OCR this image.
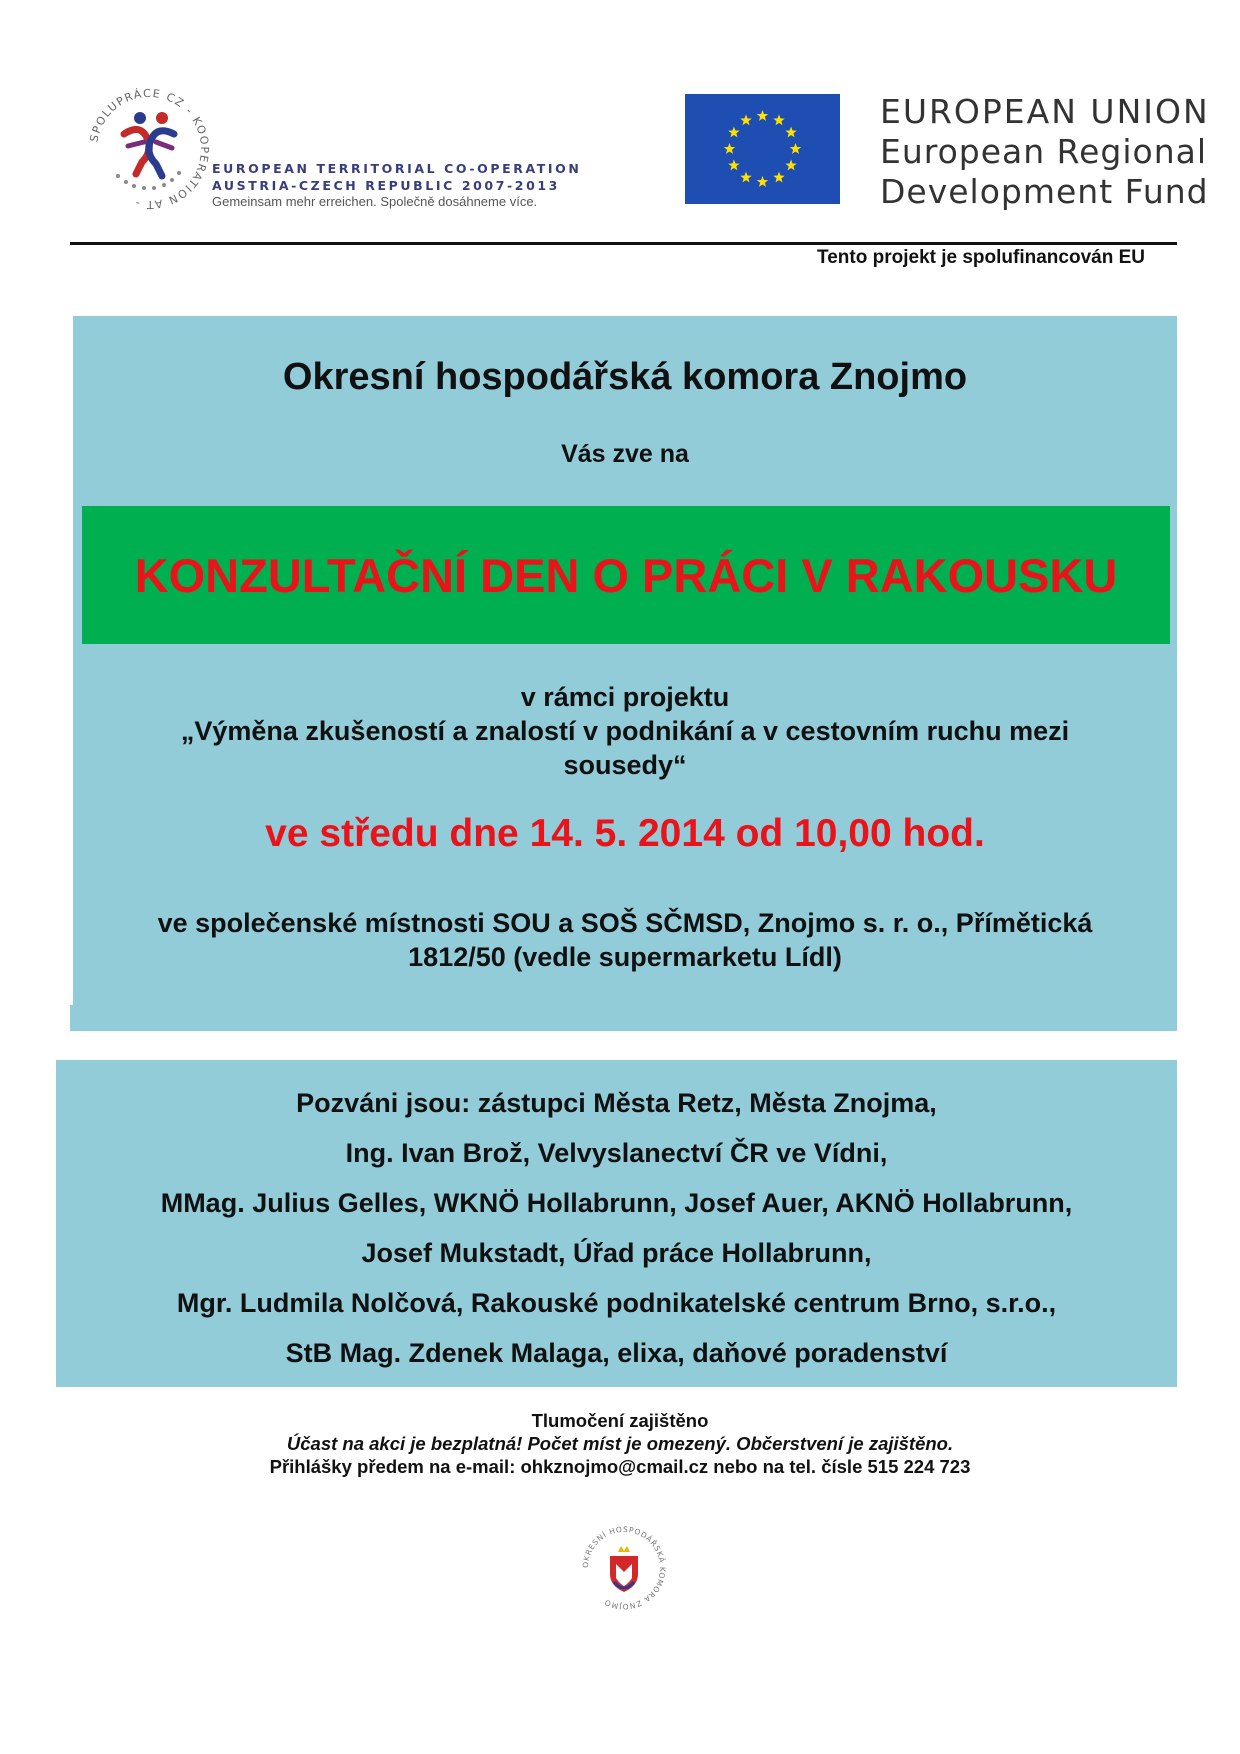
SPOLUPRÁCE CZ - KOOPERATION AT -
EUROPEAN TERRITORIAL CO-OPERATION
AUSTRIA-CZECH REPUBLIC 2007-2013
Gemeinsam mehr erreichen. Společně dosáhneme více.
EUROPEAN UNION
European Regional
Development Fund
Tento projekt je spolufinancován EU
Okresní hospodářská komora Znojmo
Vás zve na
KONZULTAČNÍ DEN O PRÁCI V RAKOUSKU
v rámci projektu
„Výměna zkušeností a znalostí v podnikání a v cestovním ruchu mezi
sousedy“
ve středu dne 14. 5. 2014 od 10,00 hod.
ve společenské místnosti SOU a SOŠ SČMSD, Znojmo s. r. o., Přímětická
1812/50 (vedle supermarketu Lídl)
Pozváni jsou: zástupci Města Retz, Města Znojma,
Ing. Ivan Brož, Velvyslanectví ČR ve Vídni,
MMag. Julius Gelles, WKNÖ Hollabrunn, Josef Auer, AKNÖ Hollabrunn,
Josef Mukstadt, Úřad práce Hollabrunn,
Mgr. Ludmila Nolčová, Rakouské podnikatelské centrum Brno, s.r.o.,
StB Mag. Zdenek Malaga, elixa, daňové poradenství
Tlumočení zajištěno
Účast na akci je bezplatná! Počet míst je omezený. Občerstvení je zajištěno.
Přihlášky předem na e-mail: ohkznojmo@cmail.cz nebo na tel. čísle 515 224 723
OKRESNÍ HOSPODÁŘSKÁ KOMORA ZNOJMO
